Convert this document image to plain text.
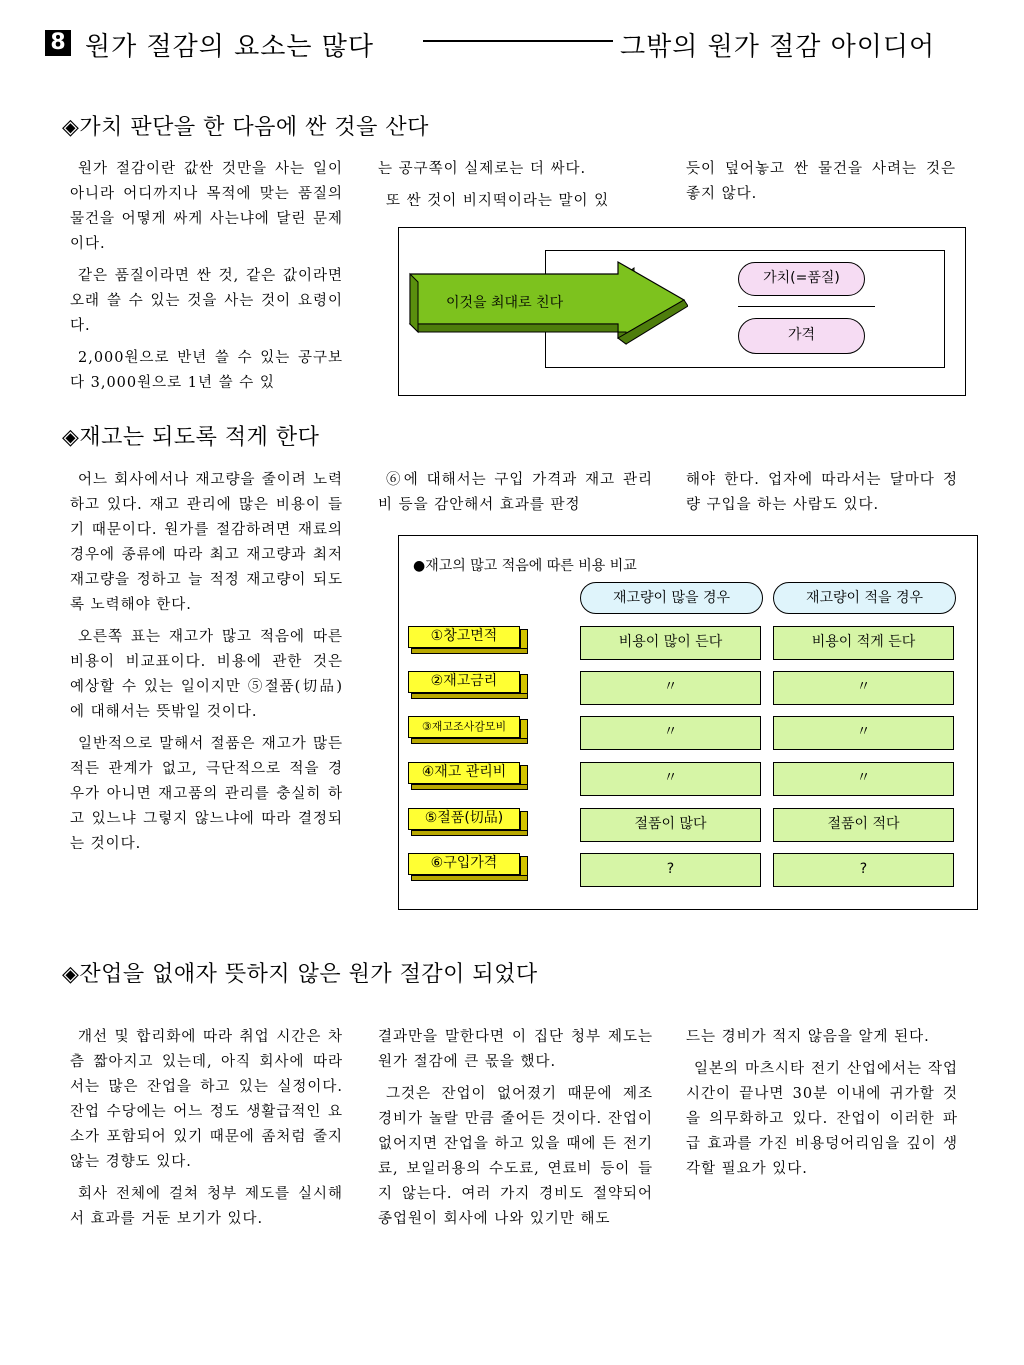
8 원가 절감의 요소는 많다	그밖의 원가 절감 아이디어
◈가치 판단을 한 다음에 싼 것을 산다

원가 절감이란 값싼 것만을 사는 일이 아니라 어디까지나 목적에 맞는 품질의 물건을 어떻게 싸게 사는냐에 달린 문제이다.

같은 품질이라면 싼 것, 같은 값이라면 오래 쓸 수 있는 것을 사는 것이 요령이다.

2,000원으로 반년 쓸 수 있는 공구보다 3,000원으로 1년 쓸 수 있

는 공구쪽이 실제로는 더 싸다.

또 싼 것이 비지떡이라는 말이 있

듯이 덮어놓고 싼 물건을 사려는 것은 좋지 않다.

이것을 최대로 친다
가치(=품질)
가격
◈재고는 되도록 적게 한다

어느 회사에서나 재고량을 줄이려 노력하고 있다. 재고 관리에 많은 비용이 들기 때문이다. 원가를 절감하려면 재료의 경우에 종류에 따라 최고 재고량과 최저 재고량을 정하고 늘 적정 재고량이 되도록 노력해야 한다.

오른쪽 표는 재고가 많고 적음에 따른 비용이 비교표이다. 비용에 관한 것은 예상할 수 있는 일이지만 ⑤절품(切品)에 대해서는 뜻밖일 것이다.

일반적으로 말해서 절품은 재고가 많든 적든 관계가 없고, 극단적으로 적을 경우가 아니면 재고품의 관리를 충실히 하고 있느냐 그렇지 않느냐에 따라 결정되는 것이다.

⑥에 대해서는 구입 가격과 재고 관리비 등을 감안해서 효과를 판정

해야 한다. 업자에 따라서는 달마다 정량 구입을 하는 사람도 있다.

●재고의 많고 적음에 따른 비용 비교
재고량이 많을 경우	재고량이 적을 경우
①창고면적	비용이 많이 든다	비용이 적게 든다
②재고금리	〃	〃
③재고조사감모비	〃	〃
④재고 관리비	〃	〃
⑤절품(切品)	절품이 많다	절품이 적다
⑥구입가격	?	?
◈잔업을 없애자 뜻하지 않은 원가 절감이 되었다

개선 및 합리화에 따라 취업 시간은 차츰 짧아지고 있는데, 아직 회사에 따라서는 많은 잔업을 하고 있는 실정이다. 잔업 수당에는 어느 정도 생활급적인 요소가 포함되어 있기 때문에 좀처럼 줄지 않는 경향도 있다.

회사 전체에 걸쳐 청부 제도를 실시해서 효과를 거둔 보기가 있다.

결과만을 말한다면 이 집단 청부 제도는 원가 절감에 큰 몫을 했다.

그것은 잔업이 없어졌기 때문에 제조 경비가 놀랄 만큼 줄어든 것이다. 잔업이 없어지면 잔업을 하고 있을 때에 든 전기료, 보일러용의 수도료, 연료비 등이 들지 않는다. 여러 가지 경비도 절약되어 종업원이 회사에 나와 있기만 해도

드는 경비가 적지 않음을 알게 된다.

일본의 마츠시타 전기 산업에서는 작업 시간이 끝나면 30분 이내에 귀가할 것을 의무화하고 있다. 잔업이 이러한 파급 효과를 가진 비용덩어리임을 깊이 생각할 필요가 있다.
